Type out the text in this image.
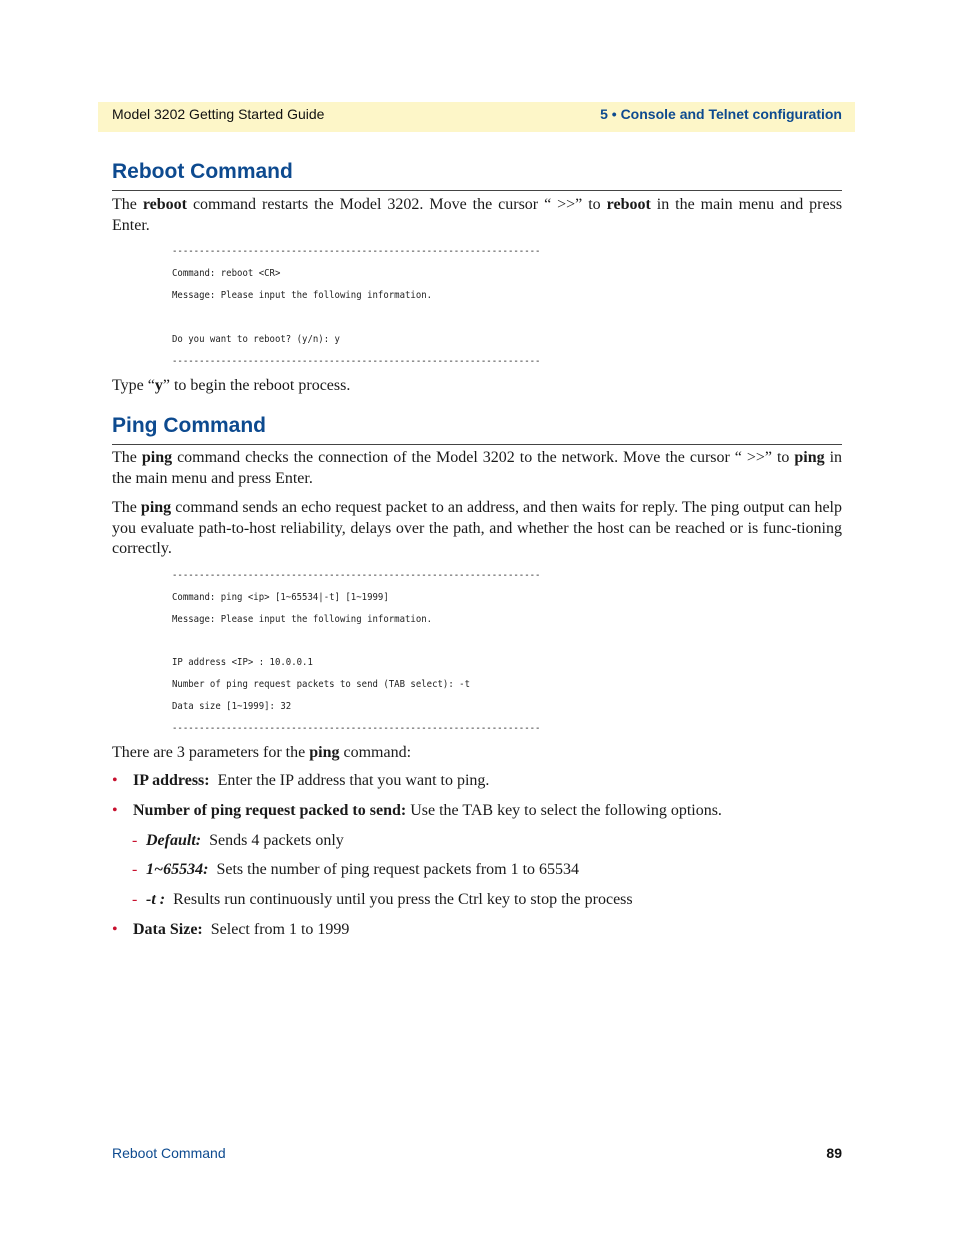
Model 3202 Getting Started Guide	5 • Console and Telnet configuration
Reboot Command

The reboot command restarts the Model 3202. Move the cursor “ >>” to reboot in the main menu and press Enter.

--------------------------------------------------------------------
Command: reboot <CR>
Message: Please input the following information.
Do you want to reboot? (y/n): y
--------------------------------------------------------------------

Type “y” to begin the reboot process.

Ping Command

The ping command checks the connection of the Model 3202 to the network. Move the cursor “ >>” to ping in the main menu and press Enter.

The ping command sends an echo request packet to an address, and then waits for reply. The ping output can help you evaluate path-to-host reliability, delays over the path, and whether the host can be reached or is func-tioning correctly.

--------------------------------------------------------------------
Command: ping <ip> [1~65534|-t] [1~1999]
Message: Please input the following information.
IP address <IP> : 10.0.0.1
Number of ping request packets to send (TAB select): -t
Data size [1~1999]: 32
--------------------------------------------------------------------

There are 3 parameters for the ping command:

• IP address: Enter the IP address that you want to ping.
• Number of ping request packed to send: Use the TAB key to select the following options.
- Default: Sends 4 packets only
- 1~65534: Sets the number of ping request packets from 1 to 65534
- -t : Results run continuously until you press the Ctrl key to stop the process
• Data Size: Select from 1 to 1999
Reboot Command	89
